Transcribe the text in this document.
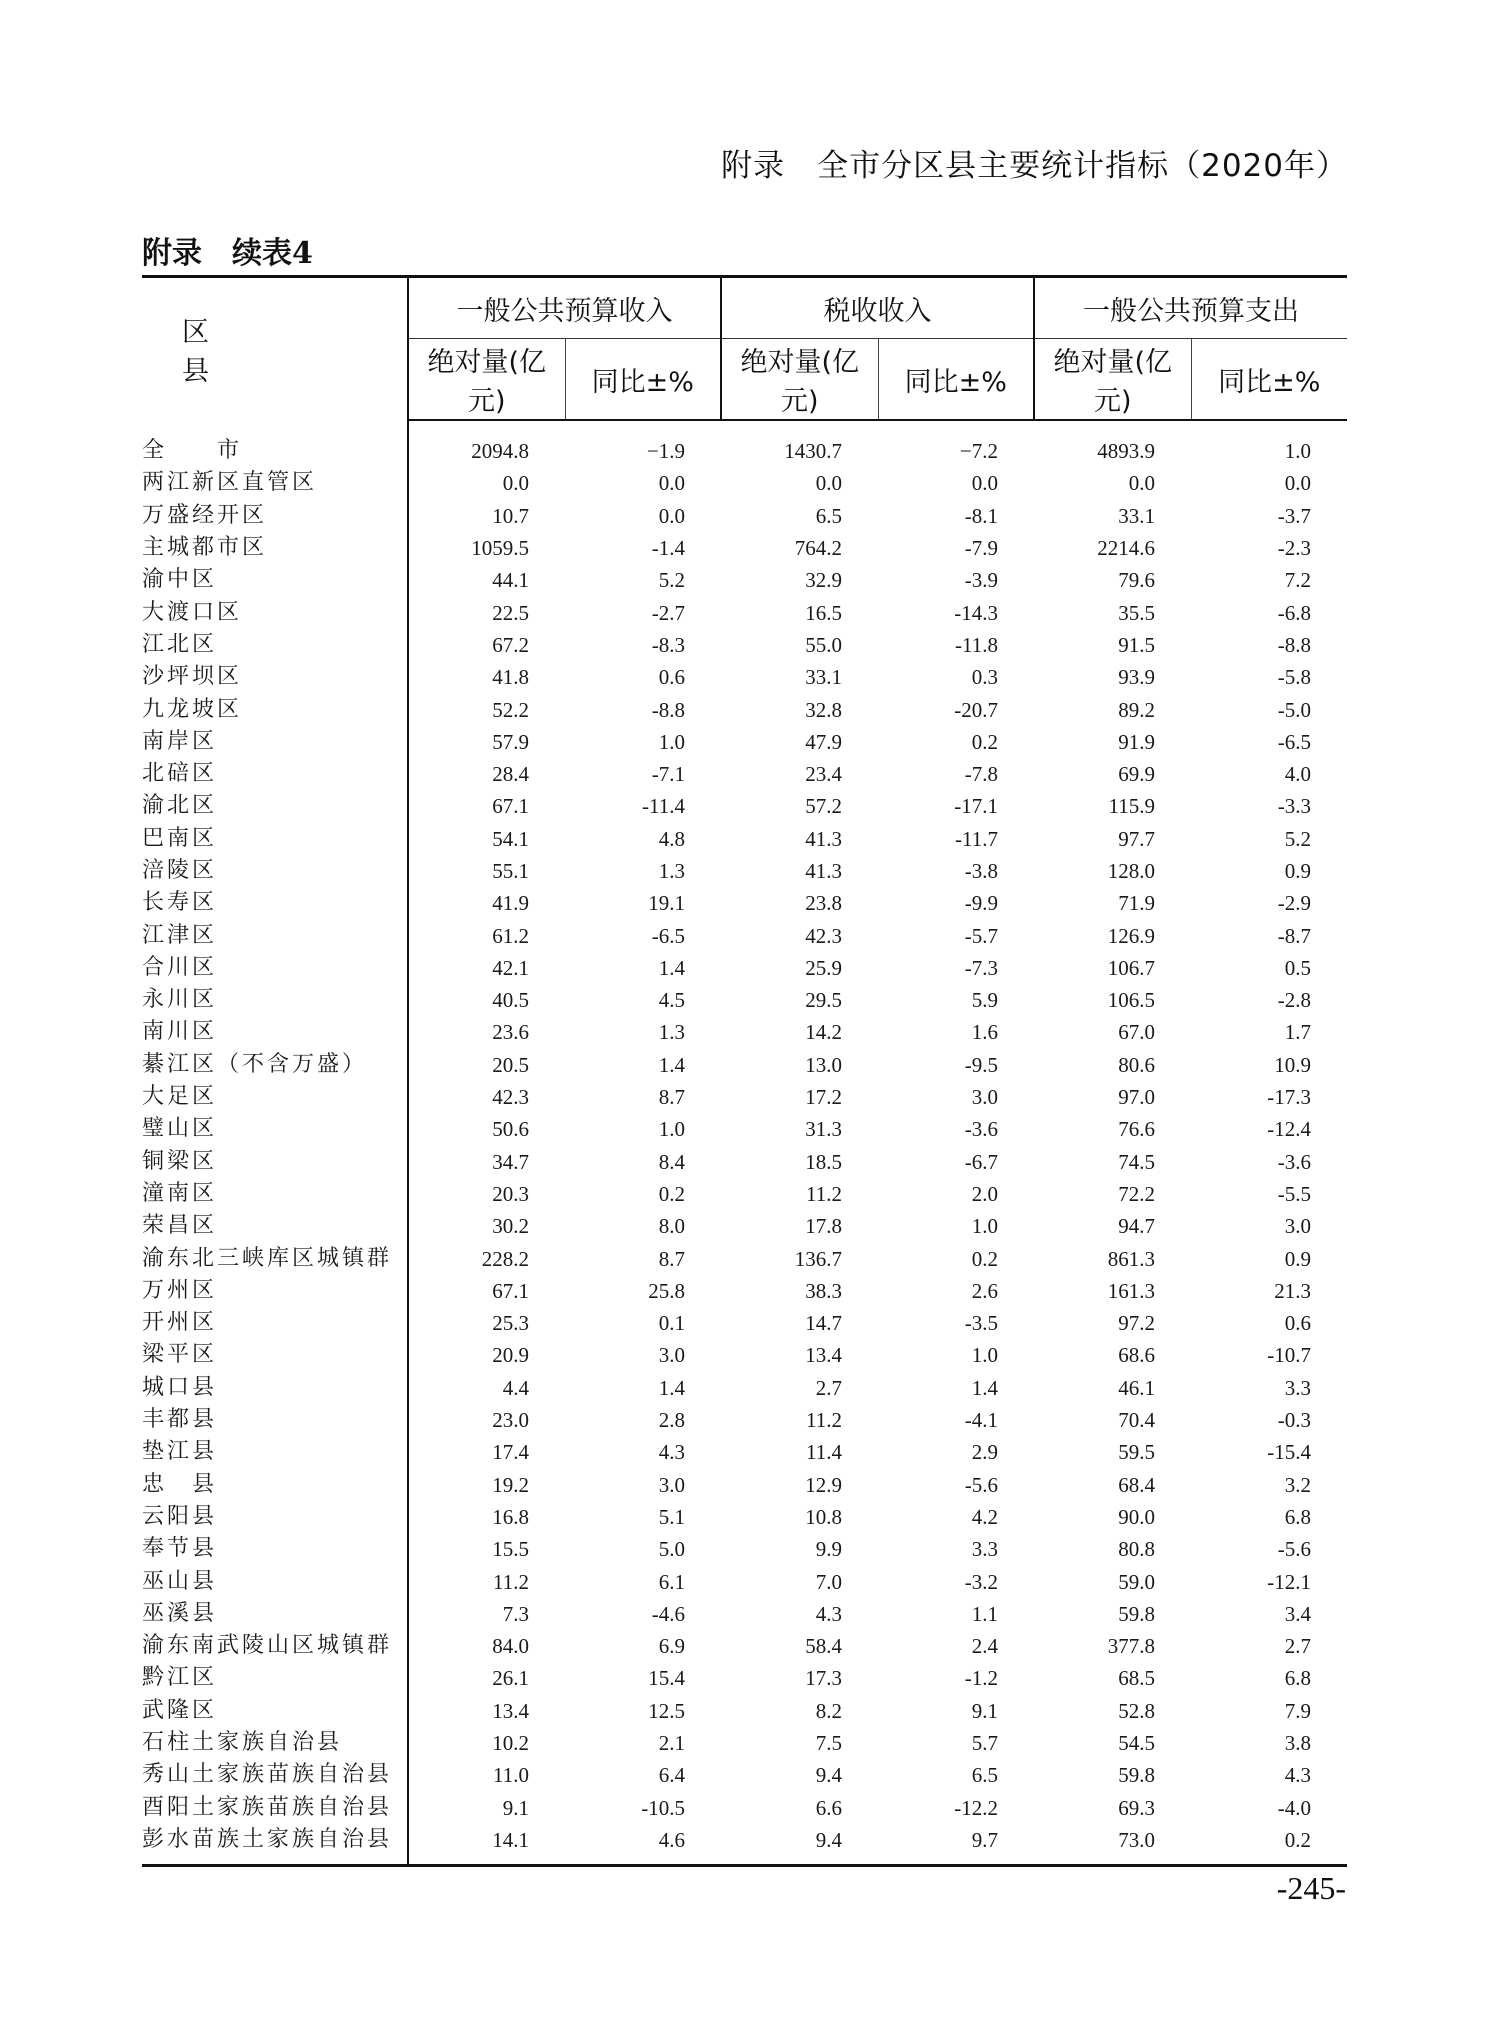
附录　全市分区县主要统计指标（2020年）
附录　续表4
区　　县	一般公共预算收入		税收收入		一般公共预算支出	
	绝对量(亿元)	同比±%	绝对量(亿元)	同比±%	绝对量(亿元)	同比±%
全　　市	2094.8	−1.9	1430.7	−7.2	4893.9	1.0
两江新区直管区	0.0	0.0	0.0	0.0	0.0	0.0
万盛经开区	10.7	0.0	6.5	-8.1	33.1	-3.7
主城都市区	1059.5	-1.4	764.2	-7.9	2214.6	-2.3
渝中区	44.1	5.2	32.9	-3.9	79.6	7.2
大渡口区	22.5	-2.7	16.5	-14.3	35.5	-6.8
江北区	67.2	-8.3	55.0	-11.8	91.5	-8.8
沙坪坝区	41.8	0.6	33.1	0.3	93.9	-5.8
九龙坡区	52.2	-8.8	32.8	-20.7	89.2	-5.0
南岸区	57.9	1.0	47.9	0.2	91.9	-6.5
北碚区	28.4	-7.1	23.4	-7.8	69.9	4.0
渝北区	67.1	-11.4	57.2	-17.1	115.9	-3.3
巴南区	54.1	4.8	41.3	-11.7	97.7	5.2
涪陵区	55.1	1.3	41.3	-3.8	128.0	0.9
长寿区	41.9	19.1	23.8	-9.9	71.9	-2.9
江津区	61.2	-6.5	42.3	-5.7	126.9	-8.7
合川区	42.1	1.4	25.9	-7.3	106.7	0.5
永川区	40.5	4.5	29.5	5.9	106.5	-2.8
南川区	23.6	1.3	14.2	1.6	67.0	1.7
綦江区（不含万盛）	20.5	1.4	13.0	-9.5	80.6	10.9
大足区	42.3	8.7	17.2	3.0	97.0	-17.3
璧山区	50.6	1.0	31.3	-3.6	76.6	-12.4
铜梁区	34.7	8.4	18.5	-6.7	74.5	-3.6
潼南区	20.3	0.2	11.2	2.0	72.2	-5.5
荣昌区	30.2	8.0	17.8	1.0	94.7	3.0
渝东北三峡库区城镇群	228.2	8.7	136.7	0.2	861.3	0.9
万州区	67.1	25.8	38.3	2.6	161.3	21.3
开州区	25.3	0.1	14.7	-3.5	97.2	0.6
梁平区	20.9	3.0	13.4	1.0	68.6	-10.7
城口县	4.4	1.4	2.7	1.4	46.1	3.3
丰都县	23.0	2.8	11.2	-4.1	70.4	-0.3
垫江县	17.4	4.3	11.4	2.9	59.5	-15.4
忠　县	19.2	3.0	12.9	-5.6	68.4	3.2
云阳县	16.8	5.1	10.8	4.2	90.0	6.8
奉节县	15.5	5.0	9.9	3.3	80.8	-5.6
巫山县	11.2	6.1	7.0	-3.2	59.0	-12.1
巫溪县	7.3	-4.6	4.3	1.1	59.8	3.4
渝东南武陵山区城镇群	84.0	6.9	58.4	2.4	377.8	2.7
黔江区	26.1	15.4	17.3	-1.2	68.5	6.8
武隆区	13.4	12.5	8.2	9.1	52.8	7.9
石柱土家族自治县	10.2	2.1	7.5	5.7	54.5	3.8
秀山土家族苗族自治县	11.0	6.4	9.4	6.5	59.8	4.3
酉阳土家族苗族自治县	9.1	-10.5	6.6	-12.2	69.3	-4.0
彭水苗族土家族自治县	14.1	4.6	9.4	9.7	73.0	0.2
-245-
